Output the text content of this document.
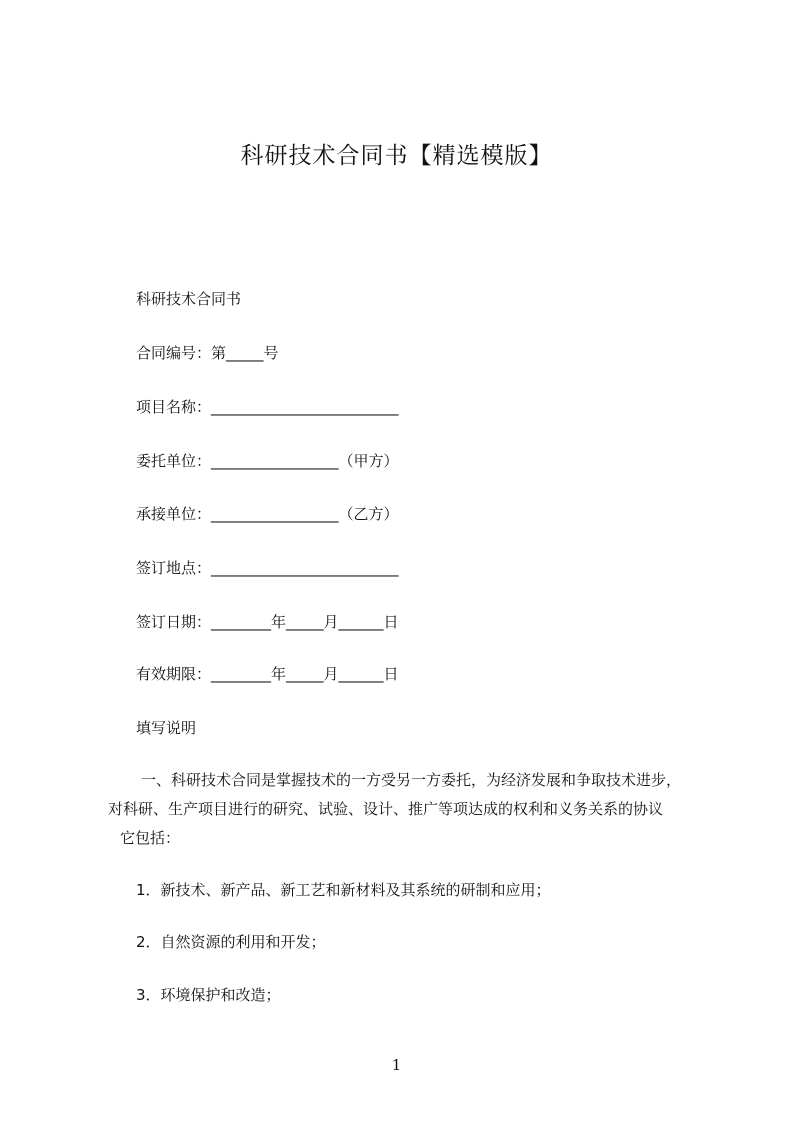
科研技术合同书【精选模版】
科研技术合同书
合同编号：第_____号
项目名称：_________________________
委托单位：_________________（甲方）
承接单位：_________________（乙方）
签订地点：_________________________
签订日期：________年_____月______日
有效期限：________年_____月______日
填写说明
一、科研技术合同是掌握技术的一方受另一方委托，为经济发展和争取技术进步，
对科研、生产项目进行的研究、试验、设计、推广等项达成的权利和义务关系的协议
它包括：
1．新技术、新产品、新工艺和新材料及其系统的研制和应用；
2．自然资源的利用和开发；
3．环境保护和改造；
1
